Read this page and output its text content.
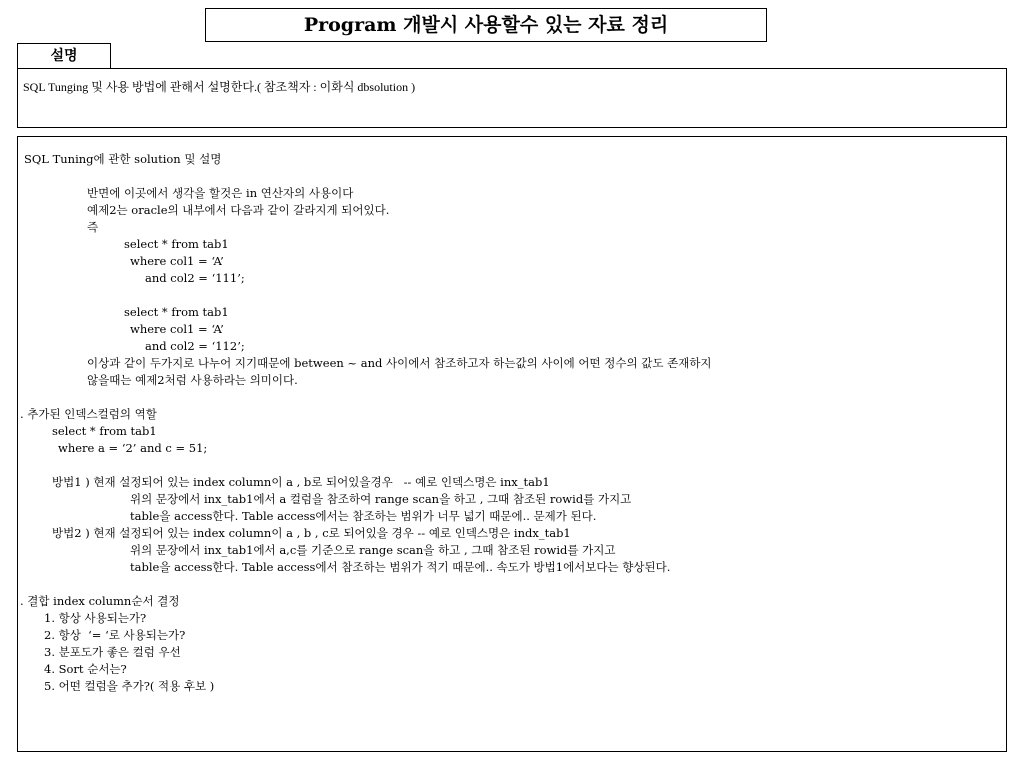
Program 개발시 사용할수 있는 자료 정리
설명
SQL Tunging 및 사용 방법에 관해서 설명한다.( 참조책자 : 이화식 dbsolution )
SQL Tuning에 관한 solution 및 설명
반면에 이곳에서 생각을 할것은 in 연산자의 사용이다
예제2는 oracle의 내부에서 다음과 같이 갈라지게 되어있다.
즉
select * from tab1
where col1 = ‘A’
and col2 = ‘111’;
select * from tab1
where col1 = ‘A’
and col2 = ‘112’;
이상과 같이 두가지로 나누어 지기때문에 between ~ and 사이에서 참조하고자 하는값의 사이에 어떤 정수의 값도 존재하지
않을때는 예제2처럼 사용하라는 의미이다.
. 추가된 인덱스컬럼의 역할
select * from tab1
where a = ‘2’ and c = 51;
방법1 ) 현재 설정되어 있는 index column이 a , b로 되어있을경우   -- 예로 인덱스명은 inx_tab1
위의 문장에서 inx_tab1에서 a 컬럼을 참조하여 range scan을 하고 , 그때 참조된 rowid를 가지고
table을 access한다. Table access에서는 참조하는 범위가 너무 넓기 때문에.. 문제가 된다.
방법2 ) 현재 설정되어 있는 index column이 a , b , c로 되어있을 경우 -- 예로 인덱스명은 indx_tab1
위의 문장에서 inx_tab1에서 a,c를 기준으로 range scan을 하고 , 그때 참조된 rowid를 가지고
table을 access한다. Table access에서 참조하는 범위가 적기 때문에.. 속도가 방법1에서보다는 향상된다.
. 결합 index column순서 결정
1. 항상 사용되는가?
2. 항상  ‘= ‘로 사용되는가?
3. 분포도가 좋은 컬럼 우선
4. Sort 순서는?
5. 어떤 컬럼을 추가?( 적용 후보 )
